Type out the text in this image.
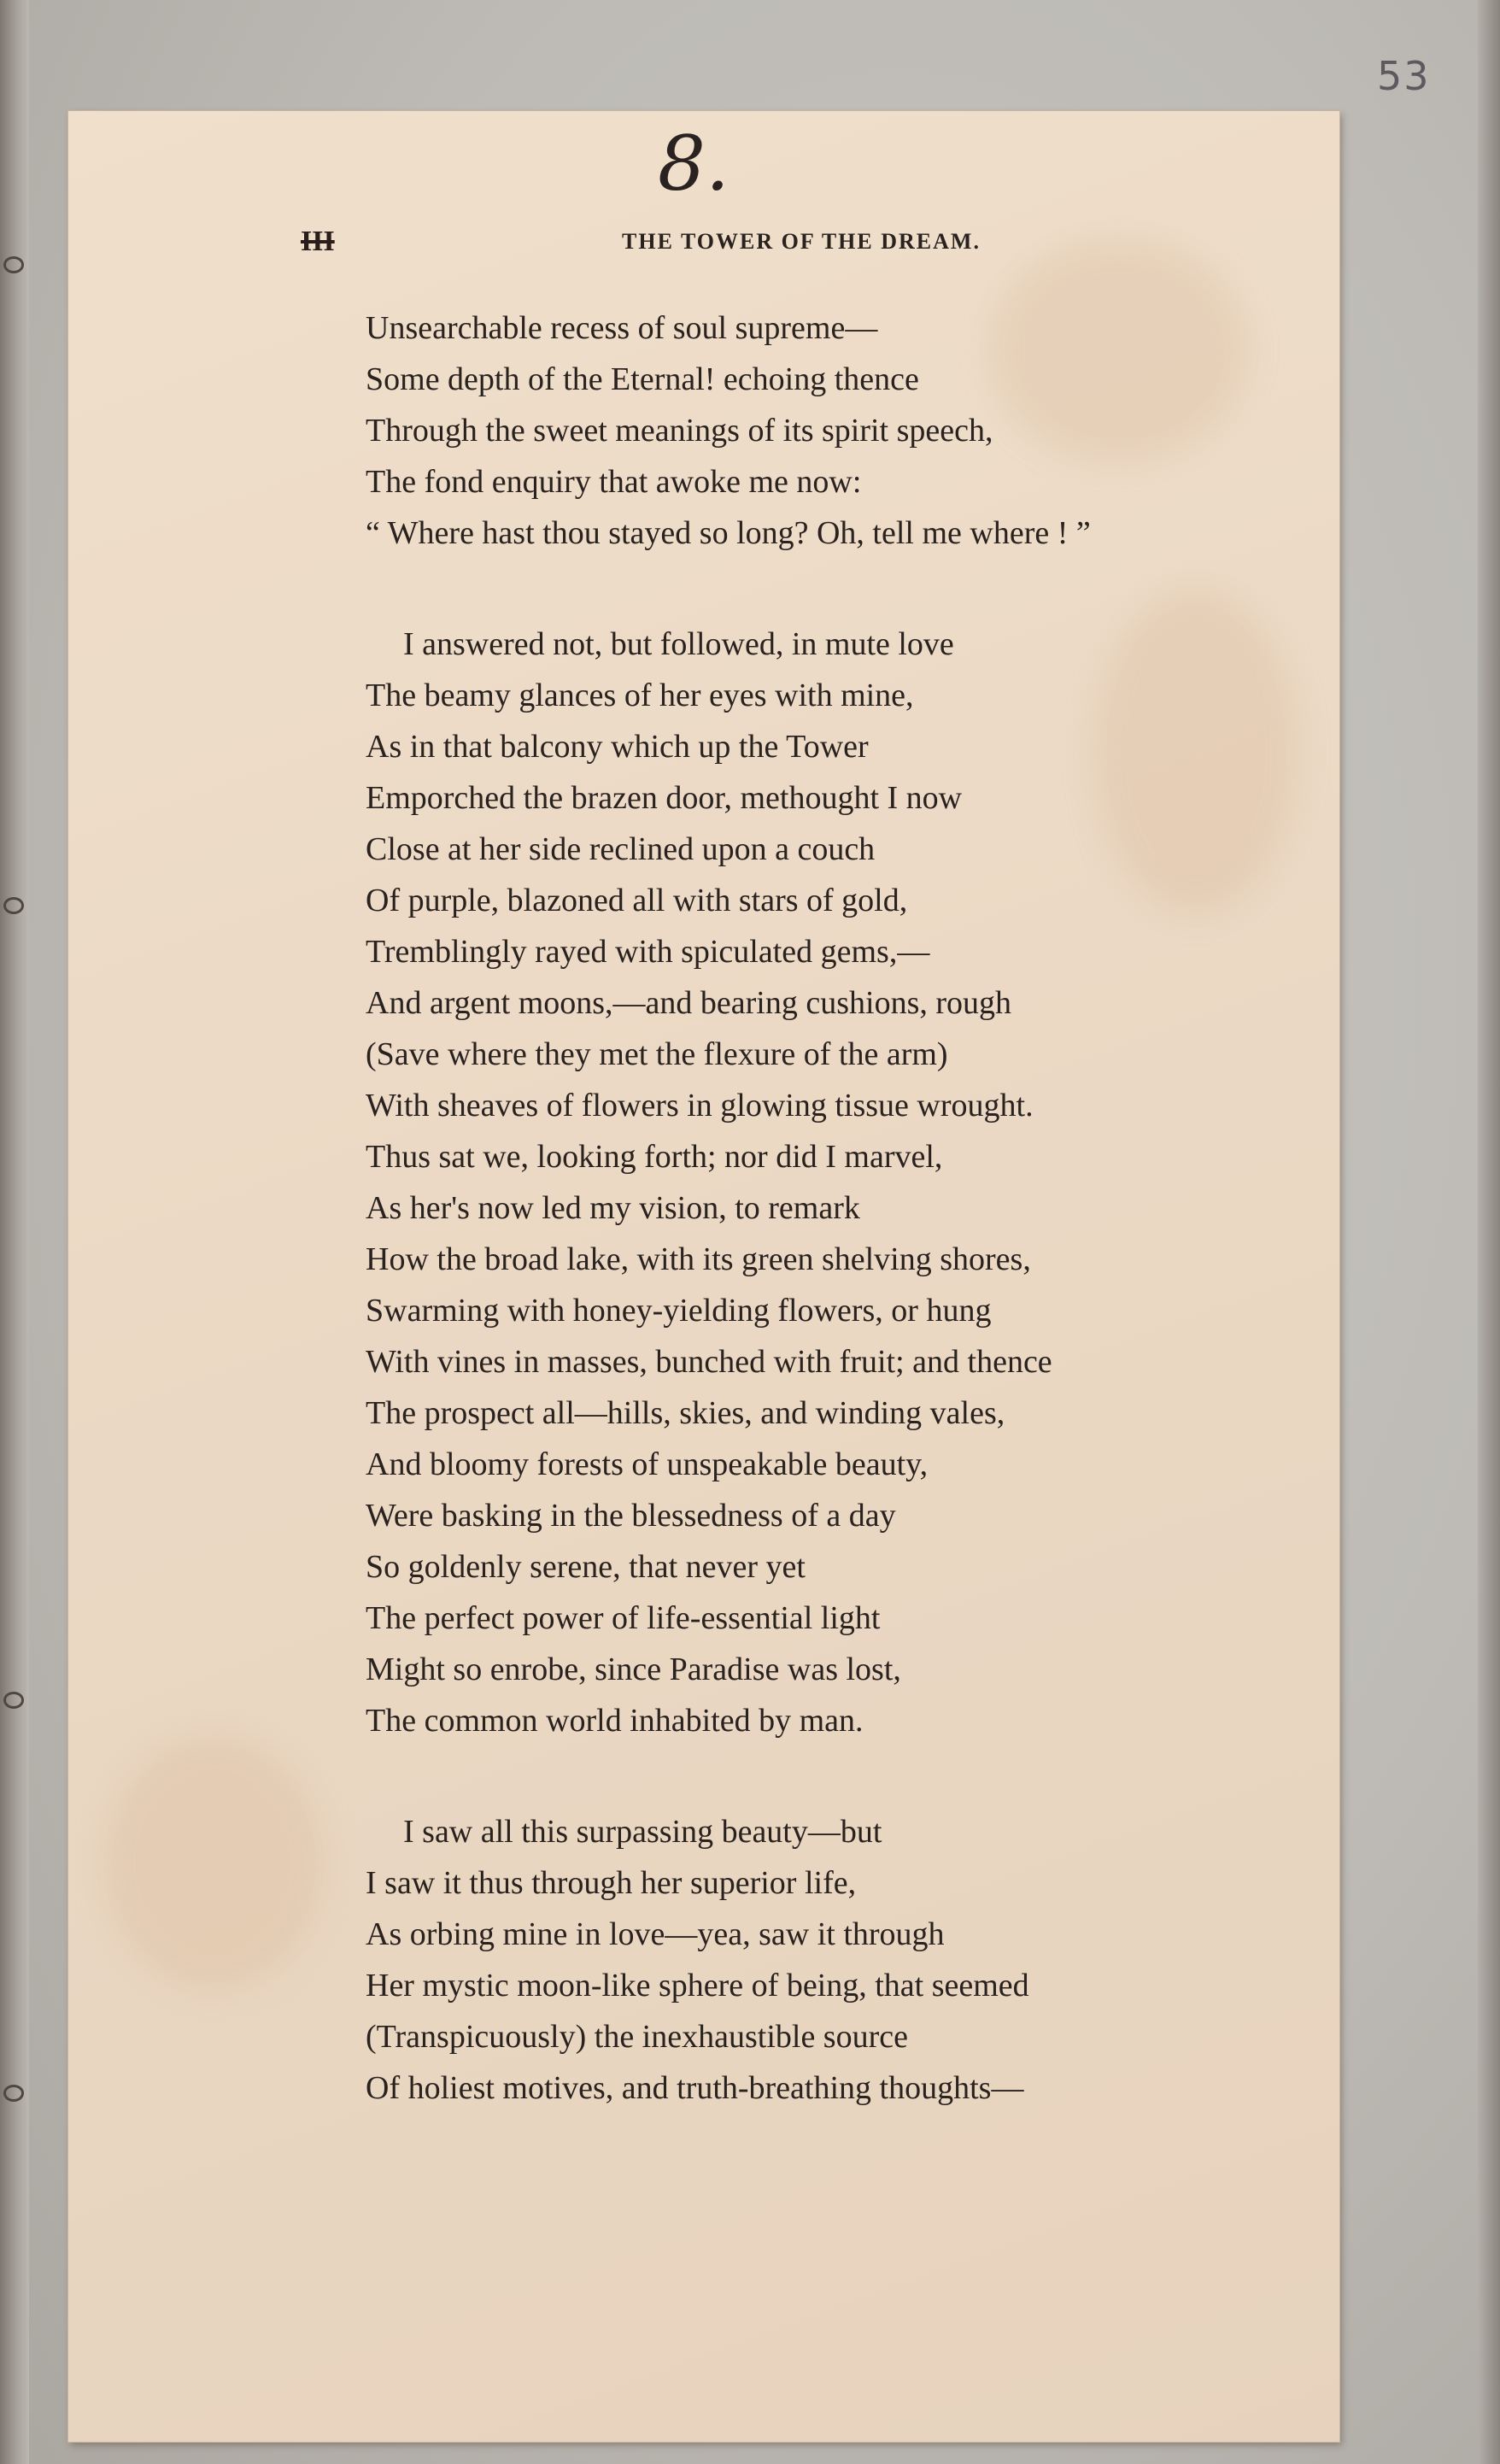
53
8.
III	THE TOWER OF THE DREAM.
Unsearchable recess of soul supreme—
Some depth of the Eternal! echoing thence
Through the sweet meanings of its spirit speech,
The fond enquiry that awoke me now:
“ Where hast thou stayed so long? Oh, tell me where ! ”
I answered not, but followed, in mute love
The beamy glances of her eyes with mine,
As in that balcony which up the Tower
Emporched the brazen door, methought I now
Close at her side reclined upon a couch
Of purple, blazoned all with stars of gold,
Tremblingly rayed with spiculated gems,—
And argent moons,—and bearing cushions, rough
(Save where they met the flexure of the arm)
With sheaves of flowers in glowing tissue wrought.
Thus sat we, looking forth; nor did I marvel,
As her's now led my vision, to remark
How the broad lake, with its green shelving shores,
Swarming with honey-yielding flowers, or hung
With vines in masses, bunched with fruit; and thence
The prospect all—hills, skies, and winding vales,
And bloomy forests of unspeakable beauty,
Were basking in the blessedness of a day
So goldenly serene, that never yet
The perfect power of life-essential light
Might so enrobe, since Paradise was lost,
The common world inhabited by man.
I saw all this surpassing beauty—but
I saw it thus through her superior life,
As orbing mine in love—yea, saw it through
Her mystic moon-like sphere of being, that seemed
(Transpicuously) the inexhaustible source
Of holiest motives, and truth-breathing thoughts—
